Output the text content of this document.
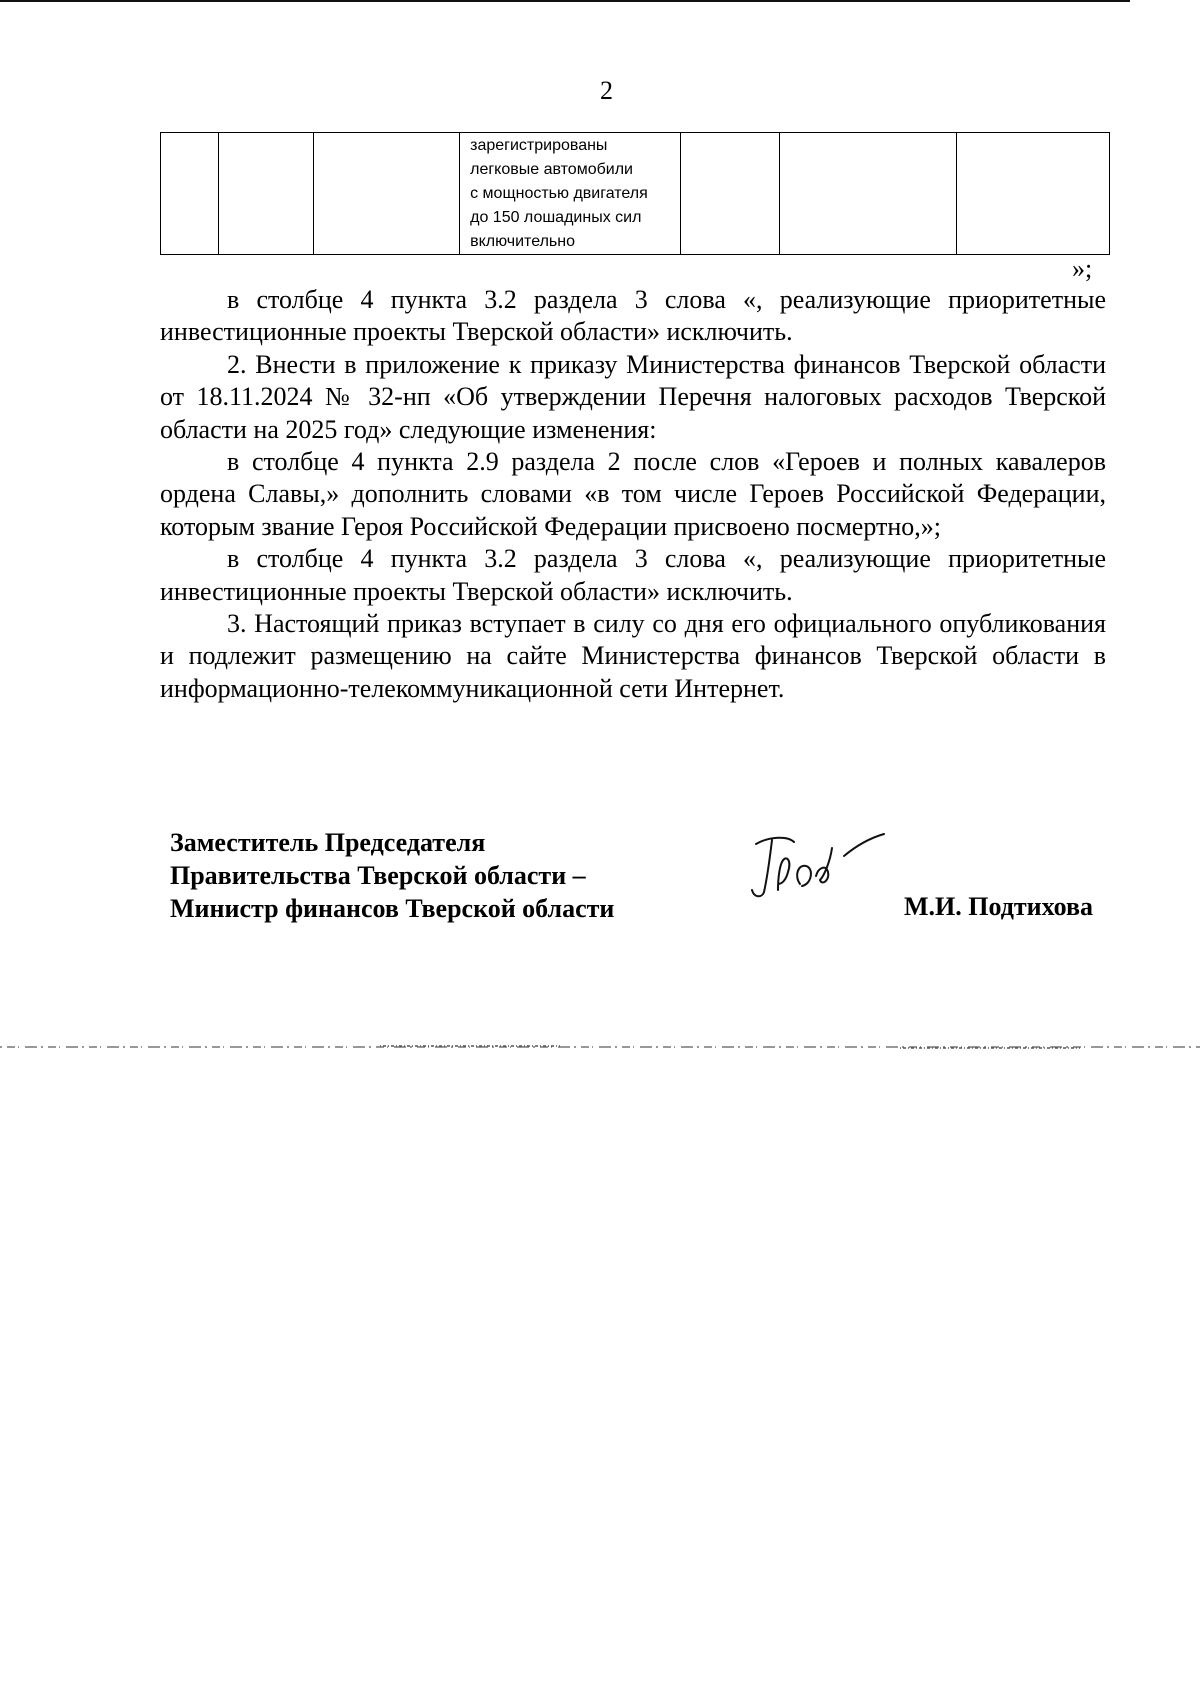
2

зарегистрированы
легковые автомобили
с мощностью двигателя
до 150 лошадиных сил
включительно

»;

в столбце 4 пункта 3.2 раздела 3 слова «, реализующие приоритетные инвестиционные проекты Тверской области» исключить.

2. Внести в приложение к приказу Министерства финансов Тверской области от 18.11.2024 № 32-нп «Об утверждении Перечня налоговых расходов Тверской области на 2025 год» следующие изменения:

в столбце 4 пункта 2.9 раздела 2 после слов «Героев и полных кавалеров ордена Славы,» дополнить словами «в том числе Героев Российской Федерации, которым звание Героя Российской Федерации присвоено посмертно,»;

в столбце 4 пункта 3.2 раздела 3 слова «, реализующие приоритетные инвестиционные проекты Тверской области» исключить.

3. Настоящий приказ вступает в силу со дня его официального опубликования и подлежит размещению на сайте Министерства финансов Тверской области в информационно-телекоммуникационной сети Интернет.

Заместитель Председателя
Правительства Тверской области –
Министр финансов Тверской области	М.И. Подтихова
